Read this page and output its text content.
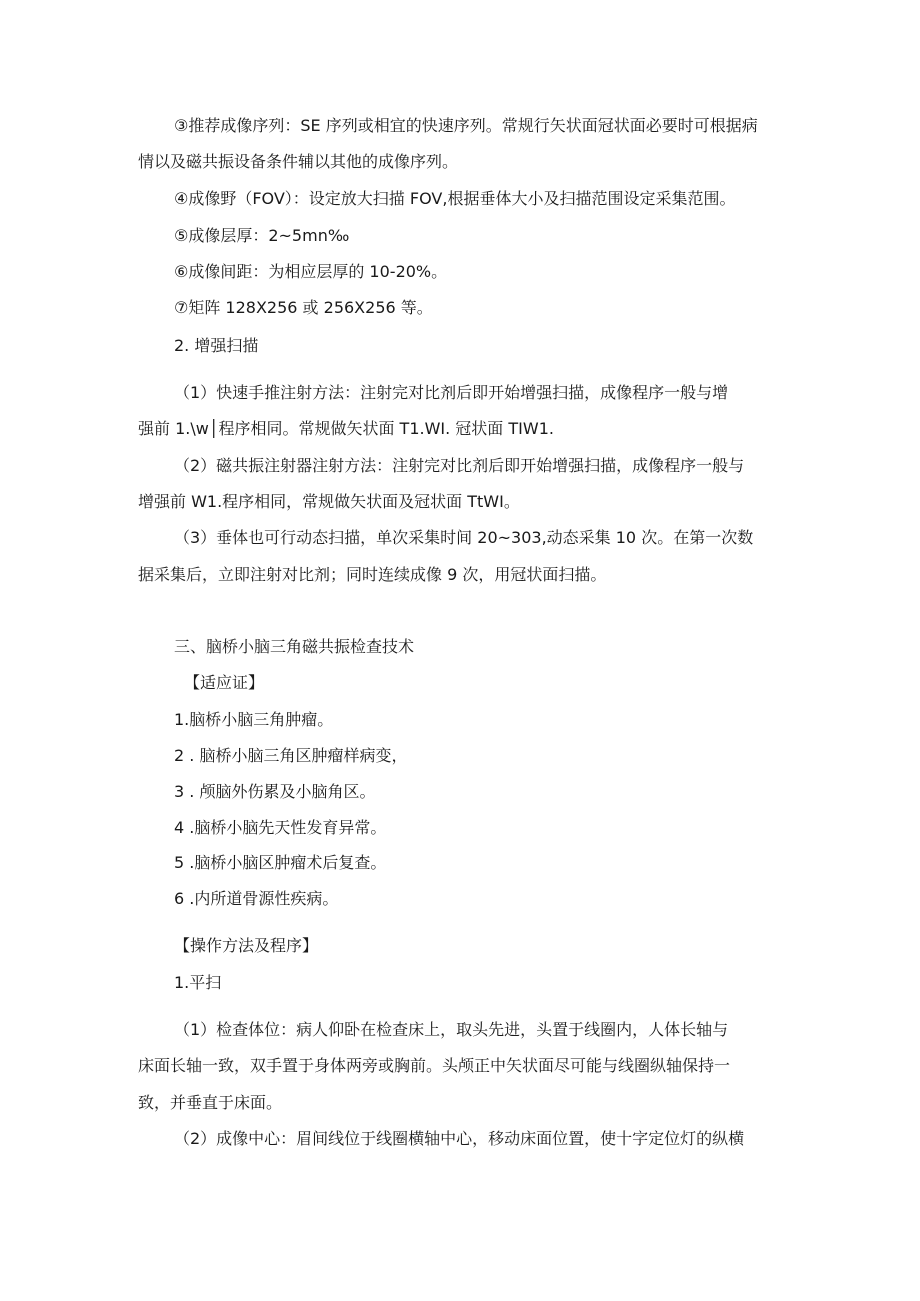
③推荐成像序列：SE 序列或相宜的快速序列。常规行矢状面冠状面必要时可根据病
情以及磁共振设备条件辅以其他的成像序列。
④成像野（FOV）：设定放大扫描 FOV,根据垂体大小及扫描范围设定采集范围。
⑤成像层厚：2~5mn‰
⑥成像间距：为相应层厚的 10-20%。
⑦矩阵 128X256 或 256X256 等。
2. 增强扫描
（1）快速手推注射方法：注射完对比剂后即开始增强扫描，成像程序一般与增
强前 1.\w│程序相同。常规做矢状面 T1.WI. 冠状面 TIW1.
（2）磁共振注射器注射方法：注射完对比剂后即开始增强扫描，成像程序一般与
增强前 W1.程序相同，常规做矢状面及冠状面 TtWI。
（3）垂体也可行动态扫描，单次采集时间 20~303,动态采集 10 次。在第一次数
据采集后，立即注射对比剂；同时连续成像 9 次，用冠状面扫描。
三、脑桥小脑三角磁共振检查技术
【适应证】
1.脑桥小脑三角肿瘤。
2 . 脑桥小脑三角区肿瘤样病变，
3 . 颅脑外伤累及小脑角区。
4 .脑桥小脑先天性发育异常。
5 .脑桥小脑区肿瘤术后复查。
6 .内所道骨源性疾病。
【操作方法及程序】
1.平扫
（1）检查体位：病人仰卧在检查床上，取头先进，头置于线圈内，人体长轴与
床面长轴一致，双手置于身体两旁或胸前。头颅正中矢状面尽可能与线圈纵轴保持一
致，并垂直于床面。
（2）成像中心：眉间线位于线圈横轴中心，移动床面位置，使十字定位灯的纵横
